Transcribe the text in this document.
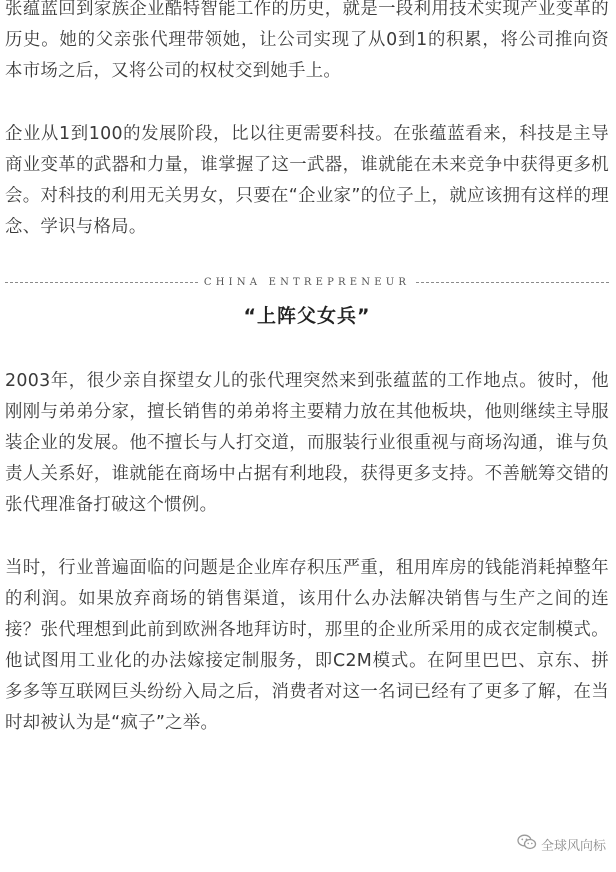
张蕴蓝回到家族企业酷特智能工作的历史，就是一段利用技术实现产业变革的历史。她的父亲张代理带领她，让公司实现了从0到1的积累，将公司推向资本市场之后，又将公司的权杖交到她手上。

企业从1到100的发展阶段，比以往更需要科技。在张蕴蓝看来，科技是主导商业变革的武器和力量，谁掌握了这一武器，谁就能在未来竞争中获得更多机会。对科技的利用无关男女，只要在“企业家”的位子上，就应该拥有这样的理念、学识与格局。

CHINA ENTREPRENEUR
“上阵父女兵”

2003年，很少亲自探望女儿的张代理突然来到张蕴蓝的工作地点。彼时，他刚刚与弟弟分家，擅长销售的弟弟将主要精力放在其他板块，他则继续主导服装企业的发展。他不擅长与人打交道，而服装行业很重视与商场沟通，谁与负责人关系好，谁就能在商场中占据有利地段，获得更多支持。不善觥筹交错的张代理准备打破这个惯例。

当时，行业普遍面临的问题是企业库存积压严重，租用库房的钱能消耗掉整年的利润。如果放弃商场的销售渠道，该用什么办法解决销售与生产之间的连接？张代理想到此前到欧洲各地拜访时，那里的企业所采用的成衣定制模式。他试图用工业化的办法嫁接定制服务，即C2M模式。在阿里巴巴、京东、拼多多等互联网巨头纷纷入局之后，消费者对这一名词已经有了更多了解，在当时却被认为是“疯子”之举。

全球风向标
